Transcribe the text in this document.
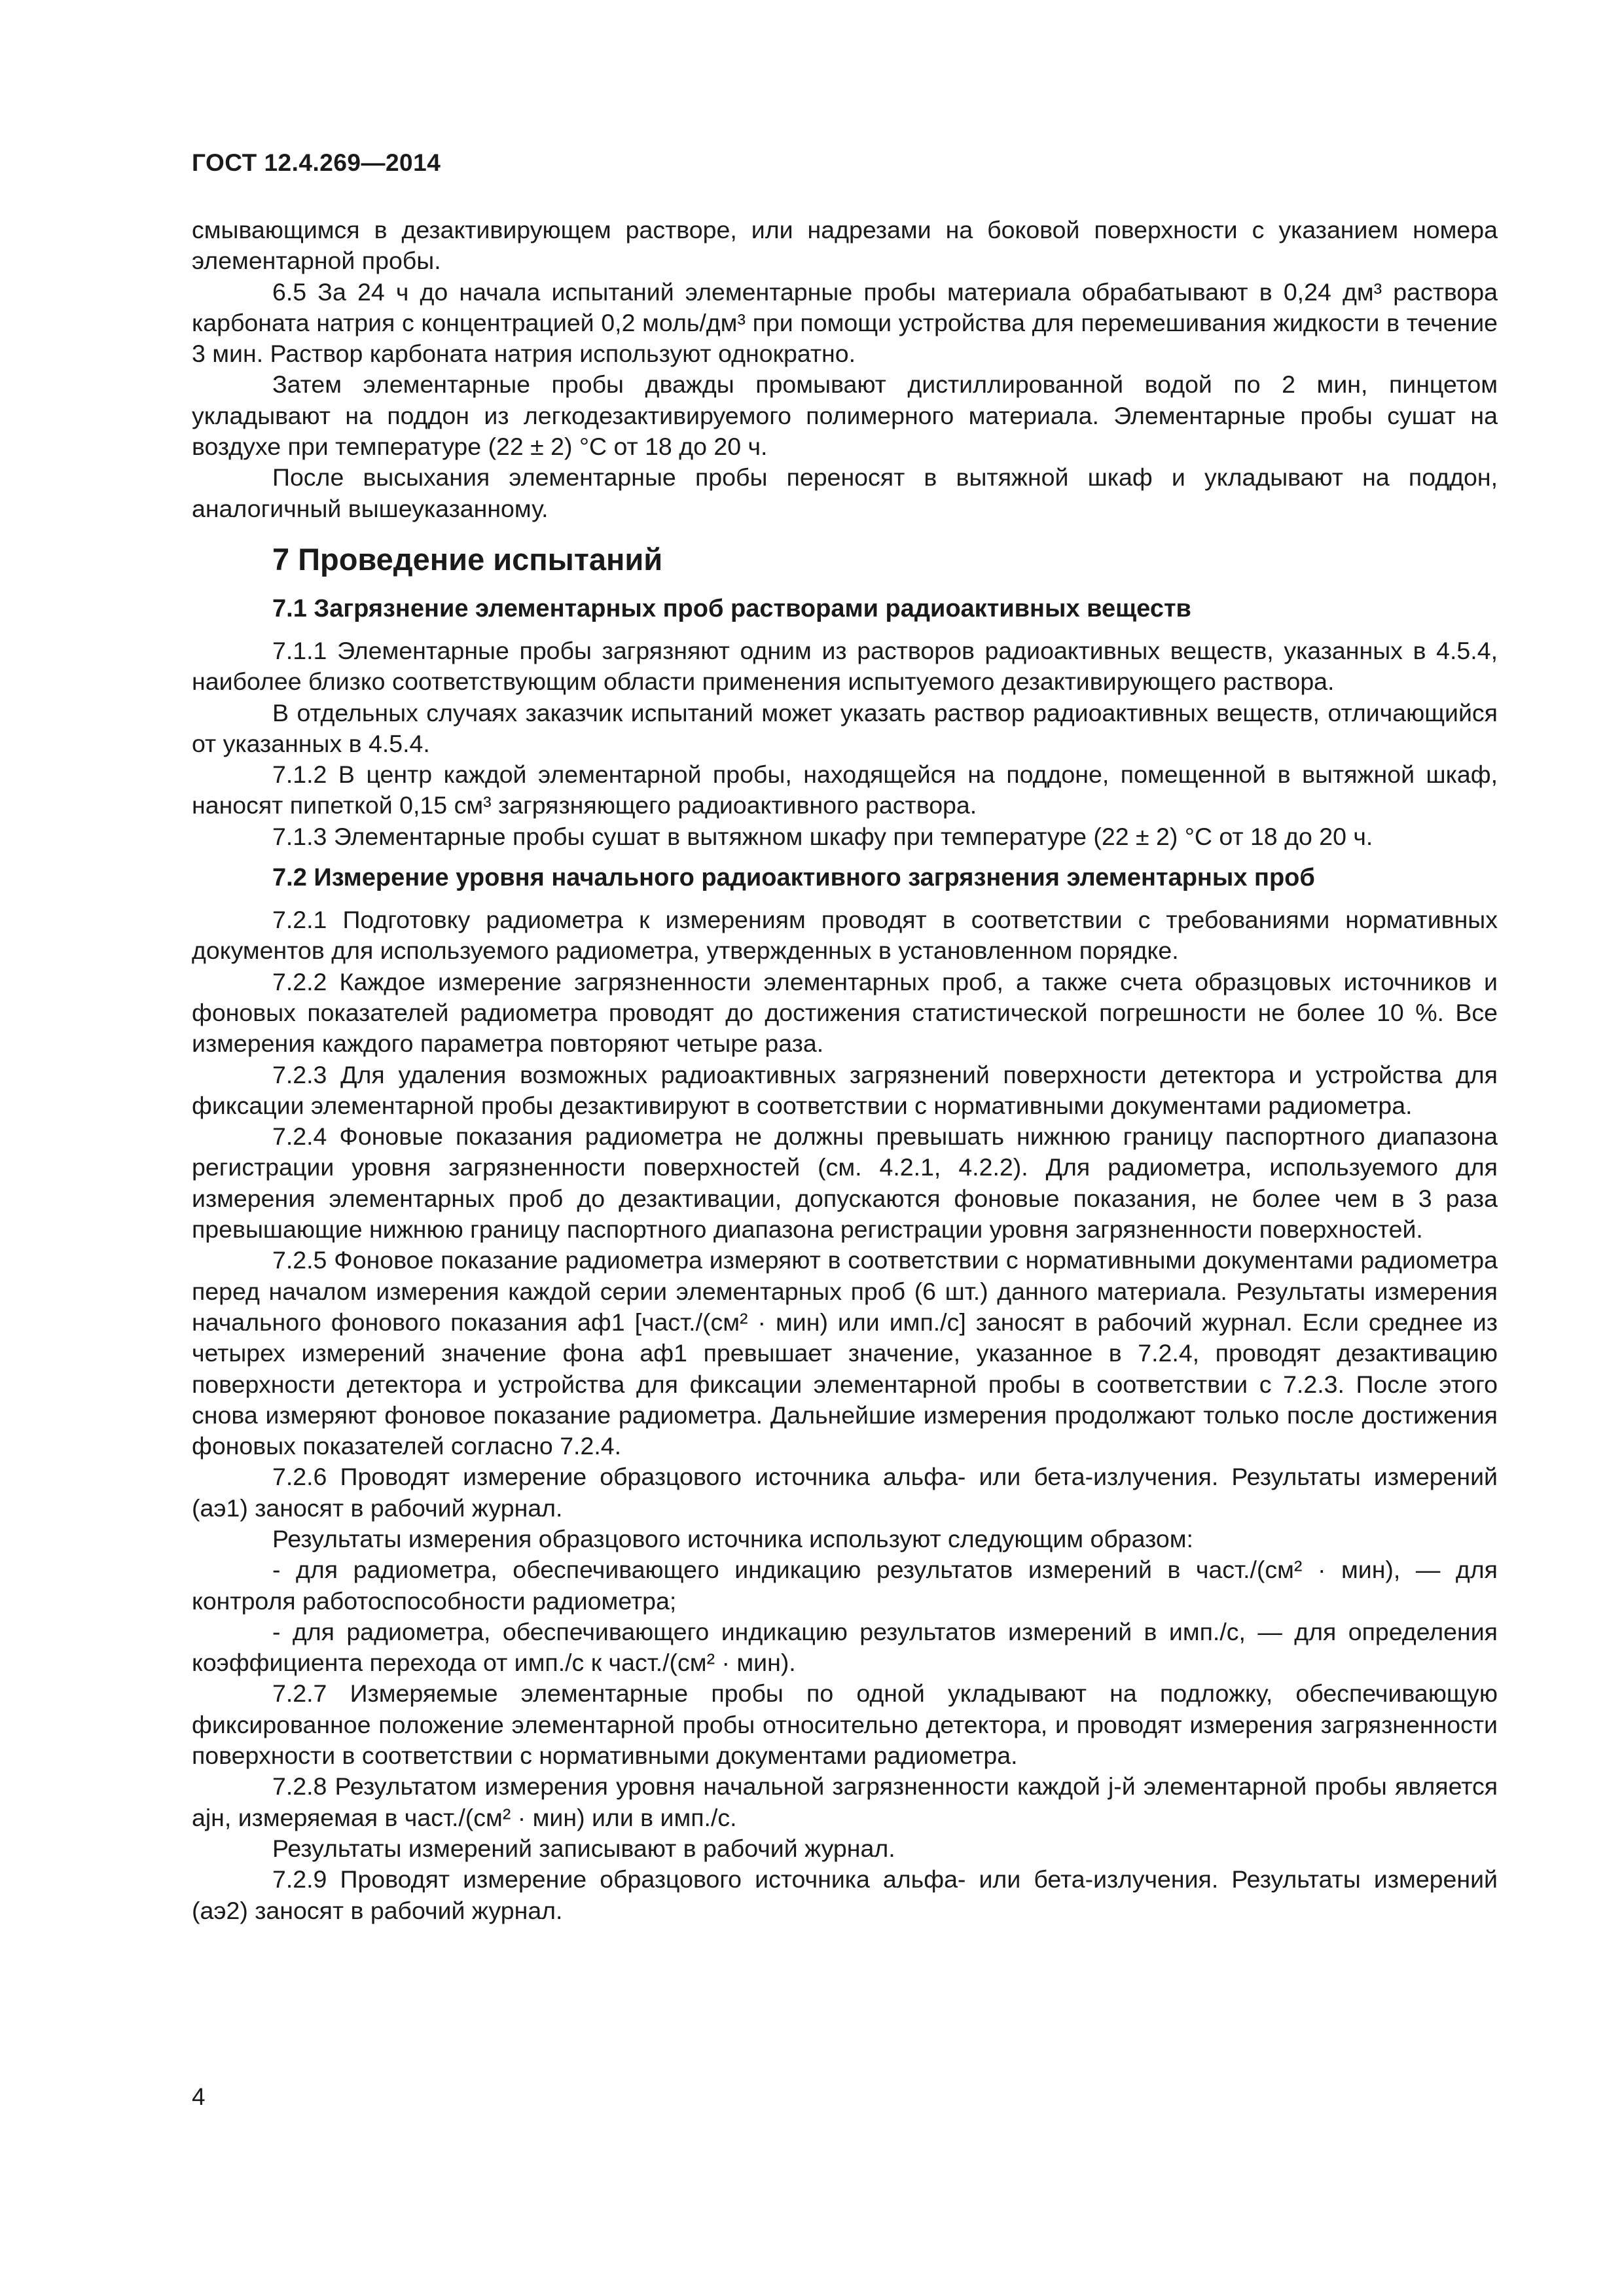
ГОСТ 12.4.269—2014

смывающимся в дезактивирующем растворе, или надрезами на боковой поверхности с указанием номера элементарной пробы.

6.5 За 24 ч до начала испытаний элементарные пробы материала обрабатывают в 0,24 дм³ раствора карбоната натрия с концентрацией 0,2 моль/дм³ при помощи устройства для перемешивания жидкости в течение 3 мин. Раствор карбоната натрия используют однократно.

Затем элементарные пробы дважды промывают дистиллированной водой по 2 мин, пинцетом укладывают на поддон из легкодезактивируемого полимерного материала. Элементарные пробы сушат на воздухе при температуре (22 ± 2) °С от 18 до 20 ч.

После высыхания элементарные пробы переносят в вытяжной шкаф и укладывают на поддон, аналогичный вышеуказанному.

7 Проведение испытаний
7.1 Загрязнение элементарных проб растворами радиоактивных веществ

7.1.1 Элементарные пробы загрязняют одним из растворов радиоактивных веществ, указанных в 4.5.4, наиболее близко соответствующим области применения испытуемого дезактивирующего раствора.

В отдельных случаях заказчик испытаний может указать раствор радиоактивных веществ, отличающийся от указанных в 4.5.4.

7.1.2 В центр каждой элементарной пробы, находящейся на поддоне, помещенной в вытяжной шкаф, наносят пипеткой 0,15 см³ загрязняющего радиоактивного раствора.

7.1.3 Элементарные пробы сушат в вытяжном шкафу при температуре (22 ± 2) °С от 18 до 20 ч.

7.2 Измерение уровня начального радиоактивного загрязнения элементарных проб

7.2.1 Подготовку радиометра к измерениям проводят в соответствии с требованиями нормативных документов для используемого радиометра, утвержденных в установленном порядке.

7.2.2 Каждое измерение загрязненности элементарных проб, а также счета образцовых источников и фоновых показателей радиометра проводят до достижения статистической погрешности не более 10 %. Все измерения каждого параметра повторяют четыре раза.

7.2.3 Для удаления возможных радиоактивных загрязнений поверхности детектора и устройства для фиксации элементарной пробы дезактивируют в соответствии с нормативными документами радиометра.

7.2.4 Фоновые показания радиометра не должны превышать нижнюю границу паспортного диапазона регистрации уровня загрязненности поверхностей (см. 4.2.1, 4.2.2). Для радиометра, используемого для измерения элементарных проб до дезактивации, допускаются фоновые показания, не более чем в 3 раза превышающие нижнюю границу паспортного диапазона регистрации уровня загрязненности поверхностей.

7.2.5 Фоновое показание радиометра измеряют в соответствии с нормативными документами радиометра перед началом измерения каждой серии элементарных проб (6 шт.) данного материала. Результаты измерения начального фонового показания aф1 [част./(см² · мин) или имп./с] заносят в рабочий журнал. Если среднее из четырех измерений значение фона aф1 превышает значение, указанное в 7.2.4, проводят дезактивацию поверхности детектора и устройства для фиксации элементарной пробы в соответствии с 7.2.3. После этого снова измеряют фоновое показание радиометра. Дальнейшие измерения продолжают только после достижения фоновых показателей согласно 7.2.4.

7.2.6 Проводят измерение образцового источника альфа- или бета-излучения. Результаты измерений (aэ1) заносят в рабочий журнал.

Результаты измерения образцового источника используют следующим образом:

- для радиометра, обеспечивающего индикацию результатов измерений в част./(см² · мин), — для контроля работоспособности радиометра;

- для радиометра, обеспечивающего индикацию результатов измерений в имп./с, — для определения коэффициента перехода от имп./с к част./(см² · мин).

7.2.7 Измеряемые элементарные пробы по одной укладывают на подложку, обеспечивающую фиксированное положение элементарной пробы относительно детектора, и проводят измерения загрязненности поверхности в соответствии с нормативными документами радиометра.

7.2.8 Результатом измерения уровня начальной загрязненности каждой j-й элементарной пробы является ajн, измеряемая в част./(см² · мин) или в имп./с.

Результаты измерений записывают в рабочий журнал.

7.2.9 Проводят измерение образцового источника альфа- или бета-излучения. Результаты измерений (aэ2) заносят в рабочий журнал.

4
